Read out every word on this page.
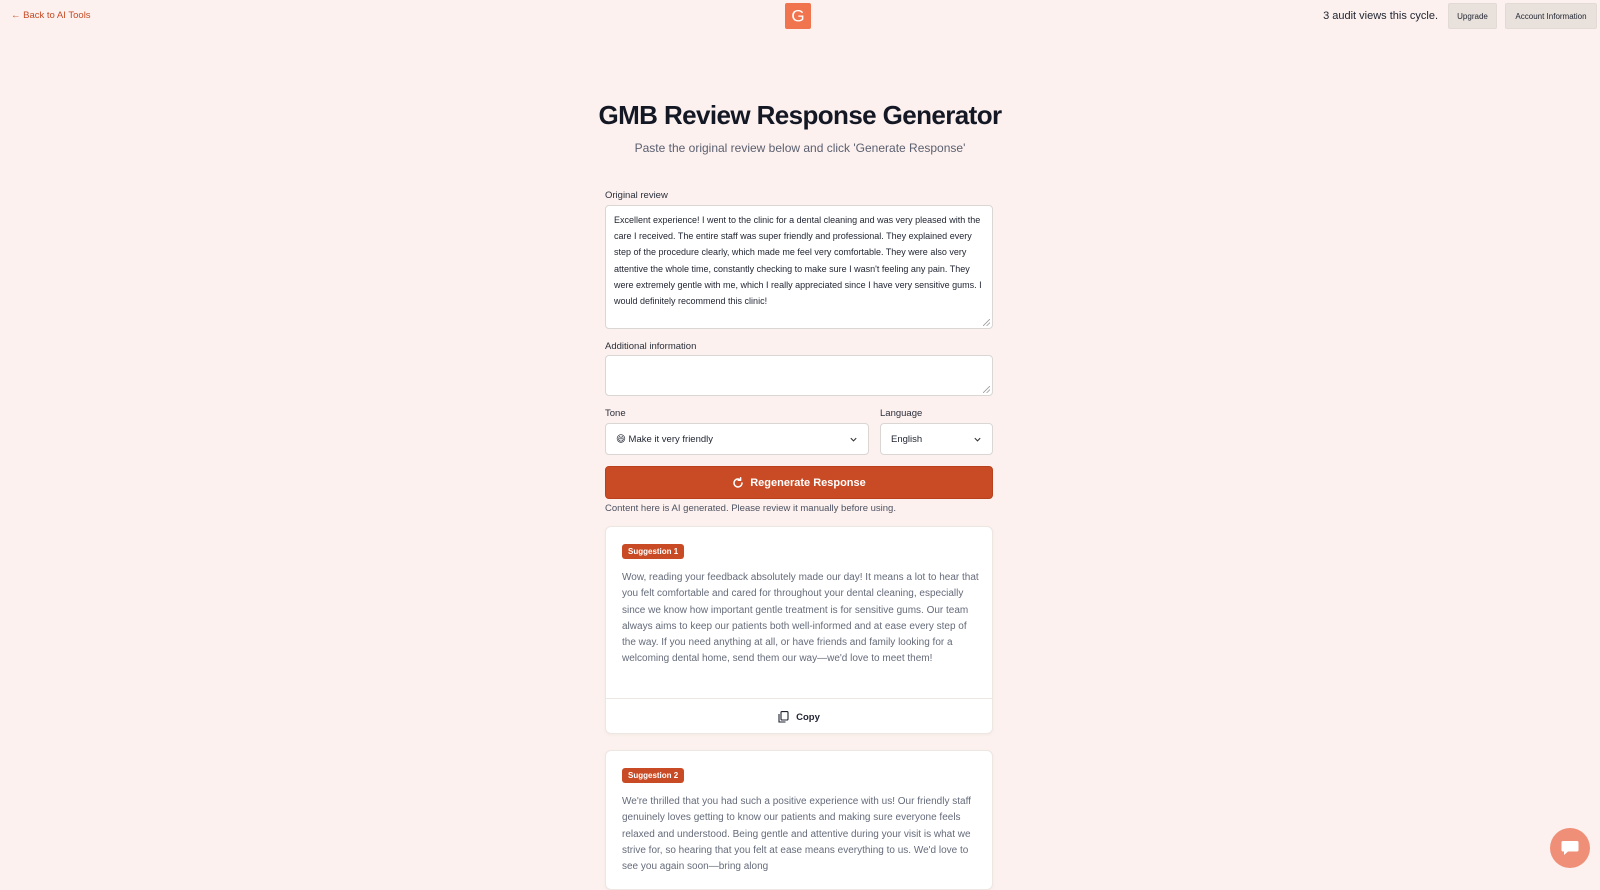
← Back to AI Tools	G	3 audit views this cycle.	Upgrade	Account Information
GMB Review Response Generator

Paste the original review below and click 'Generate Response'

Original review
Excellent experience! I went to the clinic for a dental cleaning and was very pleased with the care I received. The entire staff was super friendly and professional. They explained every step of the procedure clearly, which made me feel very comfortable. They were also very attentive the whole time, constantly checking to make sure I wasn't feeling any pain. They were extremely gentle with me, which I really appreciated since I have very sensitive gums. I would definitely recommend this clinic!
Additional information
Tone	Language
😄 Make it very friendly	English
Regenerate Response

Content here is AI generated. Please review it manually before using.

Suggestion 1

Wow, reading your feedback absolutely made our day! It means a lot to hear that you felt comfortable and cared for throughout your dental cleaning, especially since we know how important gentle treatment is for sensitive gums. Our team always aims to keep our patients both well-informed and at ease every step of the way. If you need anything at all, or have friends and family looking for a welcoming dental home, send them our way—we'd love to meet them!

Copy
Suggestion 2

We're thrilled that you had such a positive experience with us! Our friendly staff genuinely loves getting to know our patients and making sure everyone feels relaxed and understood. Being gentle and attentive during your visit is what we strive for, so hearing that you felt at ease means everything to us. We'd love to see you again soon—bring along
